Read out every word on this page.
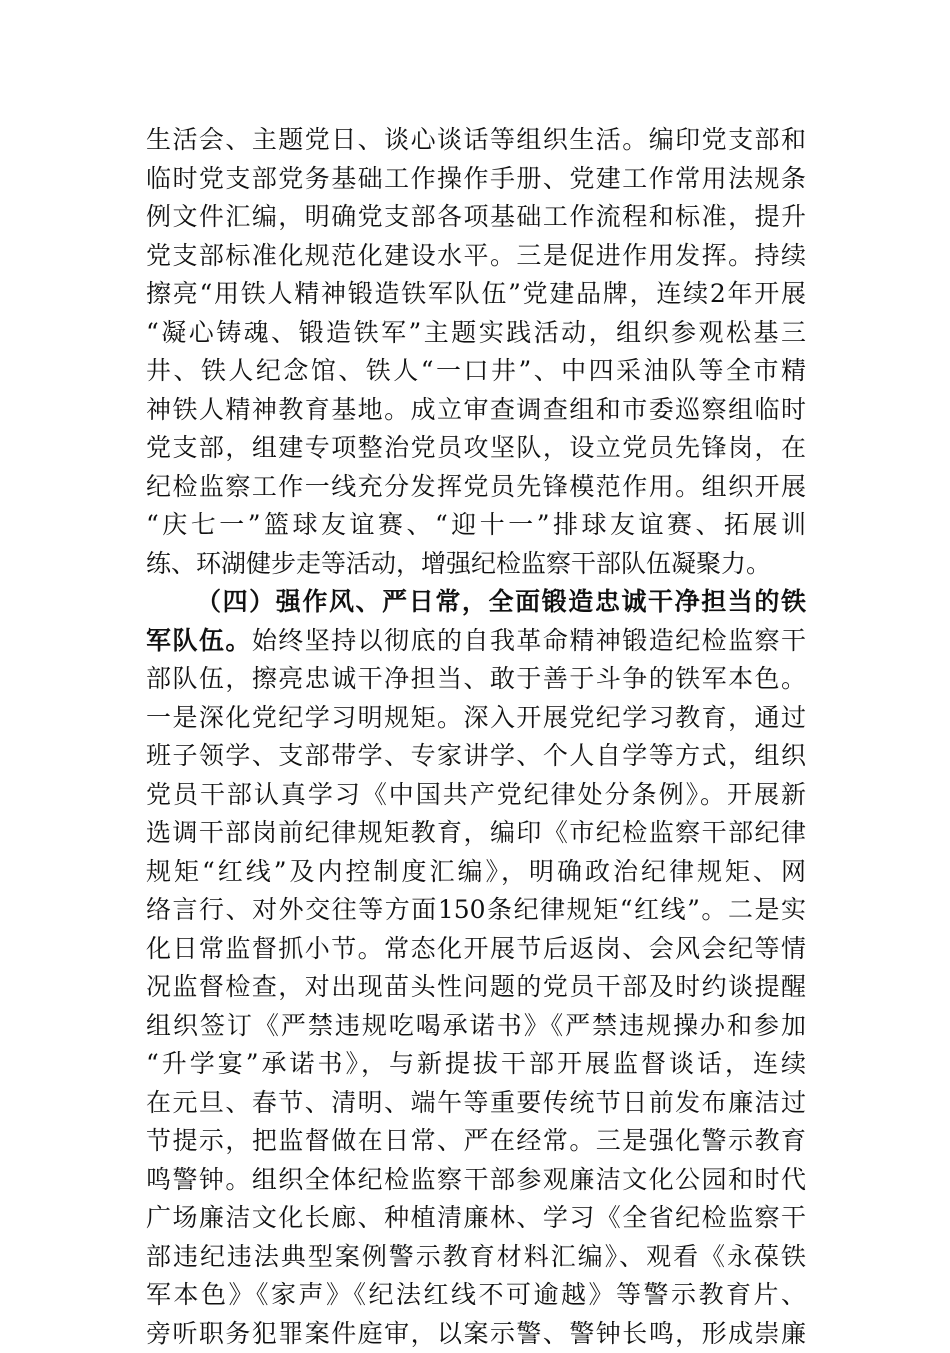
生活会、主题党日、谈心谈话等组织生活。编印党支部和
临时党支部党务基础工作操作手册、党建工作常用法规条
例文件汇编，明确党支部各项基础工作流程和标准，提升
党支部标准化规范化建设水平。三是促进作用发挥。持续
擦亮“用铁人精神锻造铁军队伍”党建品牌，连续2年开展
“凝心铸魂、锻造铁军”主题实践活动，组织参观松基三
井、铁人纪念馆、铁人“一口井”、中四采油队等全市精
神铁人精神教育基地。成立审查调查组和市委巡察组临时
党支部，组建专项整治党员攻坚队，设立党员先锋岗，在
纪检监察工作一线充分发挥党员先锋模范作用。组织开展
“庆七一”篮球友谊赛、“迎十一”排球友谊赛、拓展训
练、环湖健步走等活动，增强纪检监察干部队伍凝聚力。
（四）强作风、严日常，全面锻造忠诚干净担当的铁
军队伍。始终坚持以彻底的自我革命精神锻造纪检监察干
部队伍，擦亮忠诚干净担当、敢于善于斗争的铁军本色。
一是深化党纪学习明规矩。深入开展党纪学习教育，通过
班子领学、支部带学、专家讲学、个人自学等方式，组织
党员干部认真学习《中国共产党纪律处分条例》。开展新
选调干部岗前纪律规矩教育，编印《市纪检监察干部纪律
规矩“红线”及内控制度汇编》，明确政治纪律规矩、网
络言行、对外交往等方面150条纪律规矩“红线”。二是实
化日常监督抓小节。常态化开展节后返岗、会风会纪等情
况监督检查，对出现苗头性问题的党员干部及时约谈提醒
组织签订《严禁违规吃喝承诺书》《严禁违规操办和参加
“升学宴”承诺书》，与新提拔干部开展监督谈话，连续
在元旦、春节、清明、端午等重要传统节日前发布廉洁过
节提示，把监督做在日常、严在经常。三是强化警示教育
鸣警钟。组织全体纪检监察干部参观廉洁文化公园和时代
广场廉洁文化长廊、种植清廉林、学习《全省纪检监察干
部违纪违法典型案例警示教育材料汇编》、观看《永葆铁
军本色》《家声》《纪法红线不可逾越》等警示教育片、
旁听职务犯罪案件庭审，以案示警、警钟长鸣，形成崇廉
